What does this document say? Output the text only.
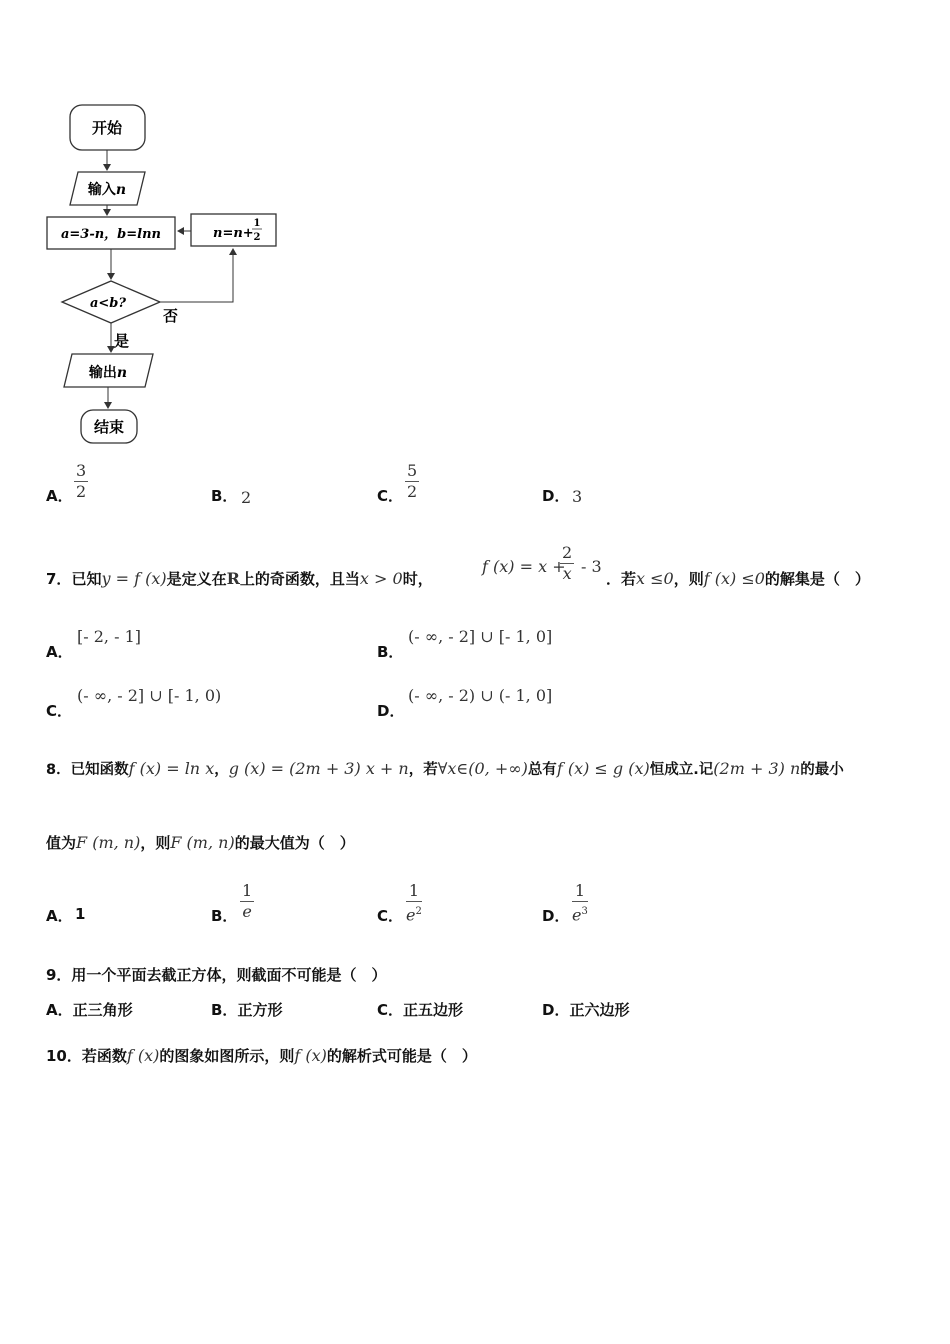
开始
输入n
a=3-n，b=lnn	n=n+
1
2
a<b?
否
是
输出n
结束
A． $\frac{3}{2}$	B． 2	C． $\frac{5}{2}$	D． 3
7．已知y = f (x)是定义在R上的奇函数，且当x > 0时，
f (x) = x +
$\frac{2}{x} - 3$
．若x ≤0，则f (x) ≤0的解集是（　）
A．
[- 2, - 1]
B．
(- ∞, - 2] ∪ [- 1, 0]
C．
(- ∞, - 2] ∪ [- 1, 0)
D．
(- ∞, - 2) ∪ (- 1, 0]
8．已知函数f (x) = ln x，g (x) = (2m + 3) x + n，若∀x∈(0, +∞)总有f (x) ≤ g (x)恒成立.记(2m + 3) n的最小
值为F (m, n)，则F (m, n)的最大值为（　）
A． 1	B． $\frac{1}{e}$	C． $\frac{1}{e^2}$	D． $\frac{1}{e^3}$
9．用一个平面去截正方体，则截面不可能是（　）
A．正三角形	B．正方形	C．正五边形	D．正六边形
10．若函数f (x)的图象如图所示，则f (x)的解析式可能是（　）
